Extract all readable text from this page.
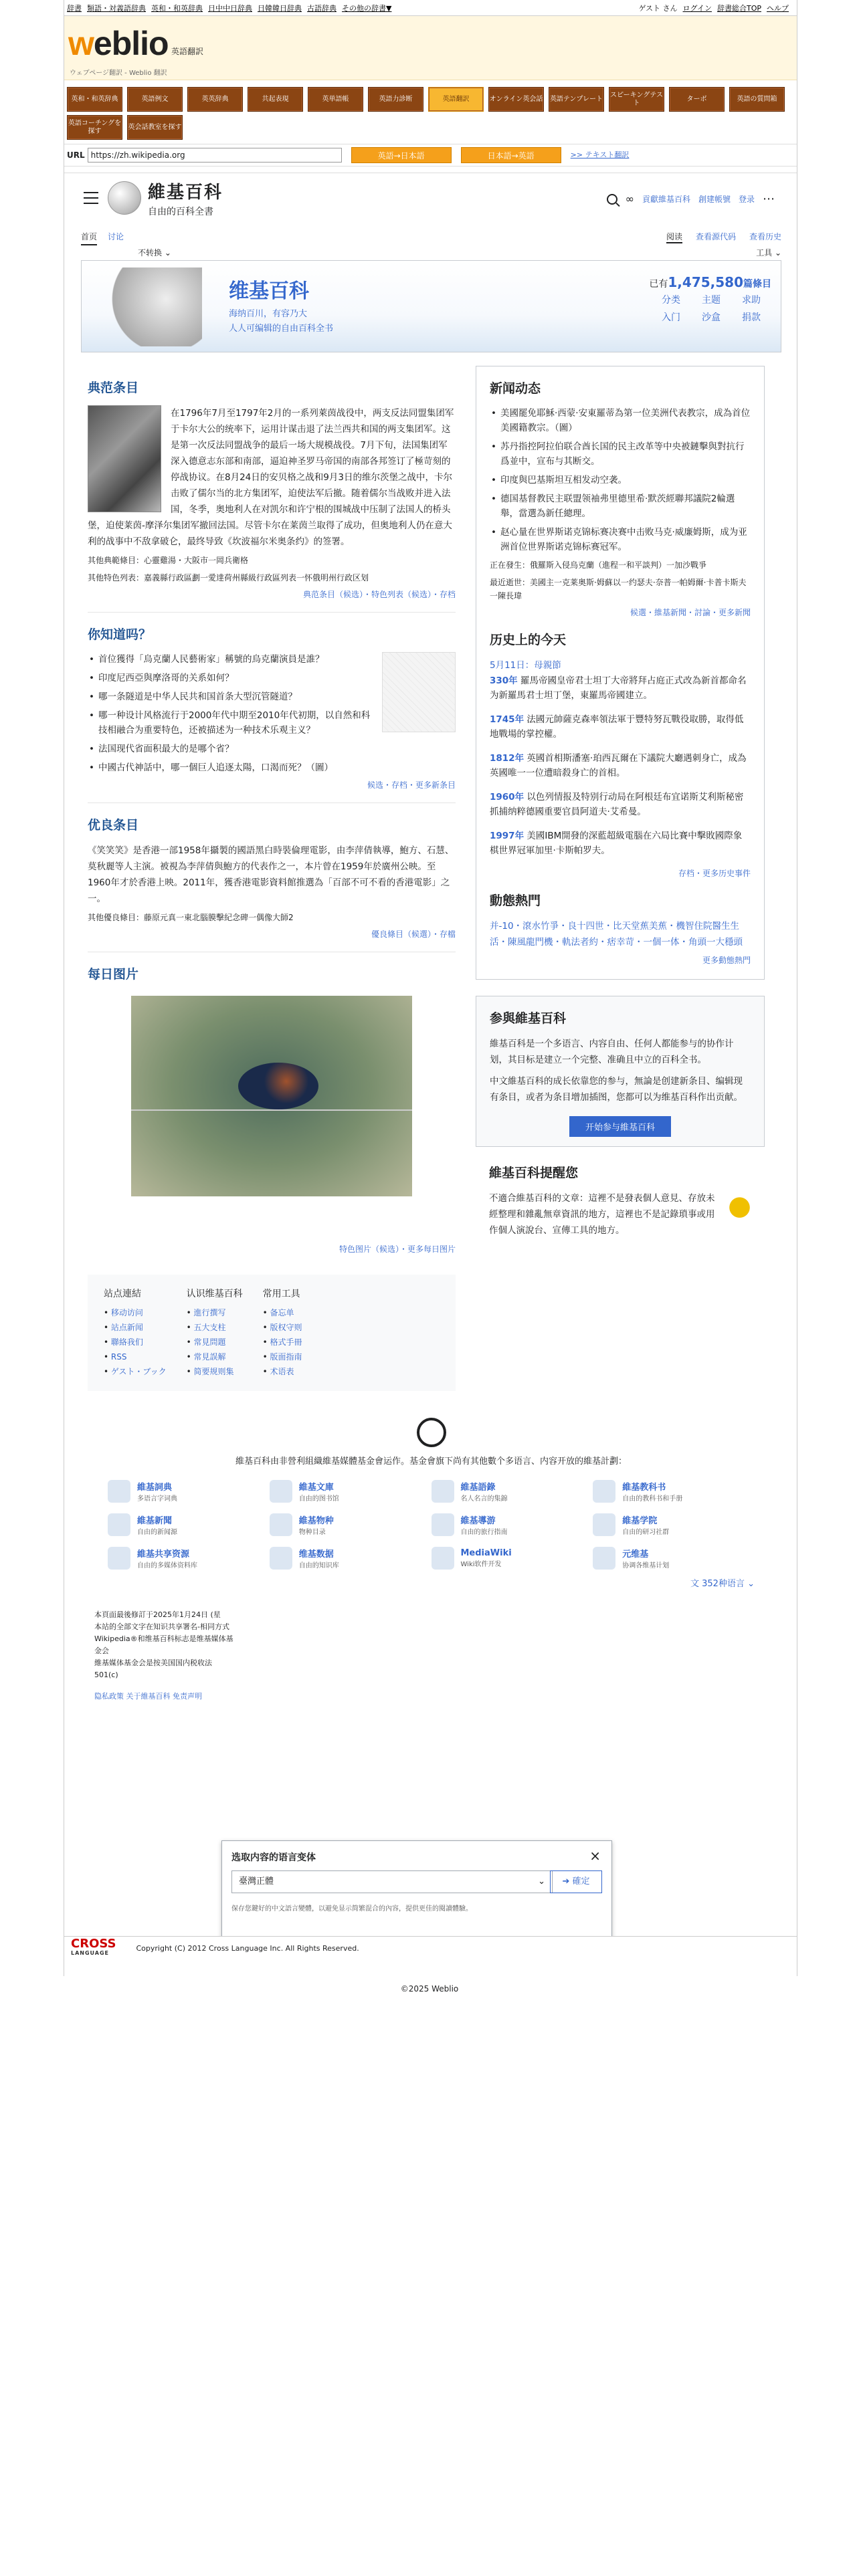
辞書 類語・対義語辞典 英和・和英辞典 日中中日辞典 日韓韓日辞典 古語辞典 その他の辞書▼	ゲスト さん ログイン 辞書総合TOP ヘルプ
weblio 英語翻訳
ウェブページ翻訳 - Weblio 翻訳
英和・和英辞典	英語例文	英英辞典	共起表現	英単語帳	英語力診断	英語翻訳	オンライン英会話 英語テンプレート
スピーキングテスト
ターボ	英語の質問箱
英語コーチングを探す
英会話教室を探す
URL https://zh.wikipedia.org	英語→日本語	日本語→英語	>> テキスト翻訳
維基百科
自由的百科全書
∞ 貢獻維基百科 創建帳號 登录 ⋯
首页 讨论
不转换 ⌄
阅读 查看源代码 查看历史
工具 ⌄
维基百科
海纳百川，有容乃大
人人可编辑的自由百科全书
已有1,475,580篇條目
分类	主题	求助
入门	沙盒	捐款
典范条目
在1796年7月至1797年2月的一系列萊茵战役中，两支反法同盟集团军于卡尔大公的统率下，运用计谋击退了法兰西共和国的两支集团军。这是第一次反法同盟战争的最后一场大规模战役。7月下旬，法国集团军深入德意志东部和南部，逼迫神圣罗马帝国的南部各邦签订了極苛刻的停战协议。在8月24日的安贝格之战和9月3日的维尔茨堡之战中，卡尔击败了儒尔当的北方集团军，迫使法军后撤。随着儒尔当战败并进入法国，冬季，奥地利人在对凯尔和许宁根的围城战中压制了法国人的桥头堡，迫使莱茵-摩泽尔集团军撤回法国。尽管卡尔在莱茵兰取得了成功，但奥地利人仍在意大利的战事中不敌拿破仑，最终导致《坎波福尔米奥条约》的签署。
其他典範條目：心靈雞湯・大阪市一岡兵衛格
其他特色列表：嘉義縣行政區劃一愛達荷州縣級行政區列表一怀俄明州行政区划
典范条目（候选）・特色列表（候选）・存档
你知道吗？
• 首位獲得「烏克蘭人民藝術家」稱號的烏克蘭演員是誰？
• 印度尼西亞與摩洛哥的关系如何？
• 哪一条隧道是中华人民共和国首条大型沉管隧道？
• 哪一种设计风格流行于2000年代中期至2010年代初期，以自然和科技相融合为重要特色，还被描述为一种技术乐观主义？
• 法国现代省面积最大的是哪个省？
• 中國古代神話中，哪一個巨人追逐太陽，口渴而死？（圖）
候选・存档・更多新条目
优良条目
《笑笑笑》是香港一部1958年攝製的國語黑白時裝倫理電影，由李萍倩執導，鮑方、石慧、莫秋麗等人主演。被視為李萍倩與鮑方的代表作之一，本片曾在1959年於廣州公映。至1960年才於香港上映。2011年，獲香港電影資料館推選為「百部不可不看的香港電影」之一。
其他優良條目：藤原元真一東北腦膜擊紀念碑一偶像大師2
優良條目（候選）・存檔
每日图片
特色图片（候选）・更多每日图片
站点連結
• 移动访问
• 站点新闻
• 聯絡我们
• RSS
• ゲスト・ブック
认识维基百科
• 進行撰写
• 五大支柱
• 常見問題
• 常見誤解
• 简要规则集
常用工具
• 备忘单
• 版权守则
• 格式手冊
• 版面指南
• 术语表
新闻动态
• 美國罷免耶穌·西蒙·安東羅蒂為第一位美洲代表教宗，成為首位美國籍教宗。（圖）
• 苏丹指控阿拉伯联合酋长国的民主改革等中央被鏈擊與對抗行爲並中，宣布与其断交。
• 印度與巴基斯坦互相发动空袭。
• 德国基督教民主联盟领袖弗里德里希·默茨經聯邦議院2輪選舉，當選為新任總理。
• 赵心量在世界斯诺克锦标赛决赛中击败马克·威廉姆斯，成为亚洲首位世界斯诺克锦标赛冠军。
正在發生：俄羅斯入侵烏克蘭（進程一和平談判）一加沙戰爭
最近逝世：美國主一克莱奥斯·姆蘇以一约瑟夫·奈普一帕姆爾·卡普卡斯夫一陳長瑋
候選・維基新聞・討論・更多新聞
历史上的今天
5月11日：母親節
330年 羅馬帝國皇帝君士坦丁大帝將拜占庭正式改為新首都命名为新羅馬君士坦丁堡，東羅馬帝國建立。
1745年 法國元帥薩克森率領法軍于豐特努瓦戰役取勝，取得低地戰場的掌控權。
1812年 英國首相斯潘塞·珀西瓦爾在下議院大廳遇刺身亡，成為英國唯一一位遭暗殺身亡的首相。
1960年 以色列情报及特别行动局在阿根廷布宜诺斯艾利斯秘密抓捕纳粹德國重要官員阿道夫·艾希曼。
1997年 美國IBM開發的深藍超級電腦在六局比賽中擊敗國際象棋世界冠軍加里·卡斯帕罗夫。
存档・更多历史事件
動態熱門
并-10・滾水竹爭・良十四世・比天堂蕉美蕉・機智住院醫生生活・陳風龍門機・軌法者約・痞幸苛・一個一体・角頭一大穩頭
更多動態熱門
参與維基百科
維基百科是一个多语言、内容自由、任何人都能参与的协作计划，其目标是建立一个完整、准确且中立的百科全书。
中文維基百科的成长依靠您的参与，無論是创建新条目、编辑现有条目，或者为条目增加插图，您都可以为维基百科作出贡献。
开始参与維基百科
維基百科提醒您
不適合維基百科的文章：這裡不是發表個人意見、存放未經整理和雜亂無章資訊的地方，這裡也不是記錄瑣事或用作個人演說台、宣傳工具的地方。
●
維基百科由非營利組織維基媒體基金會运作。基金會旗下尚有其他數个多语言、内容开放的維基計劃：
維基詞典
多语言字词典
維基文庫
自由的图书馆
維基語錄
名人名言的集錦
維基教科书
自由的教科书和手册
維基新聞
自由的新闻源
維基物种
物种目录
維基導游
自由的旅行指南
維基学院
自由的研习社群
維基共享资源
自由的多媒体资料库
维基数据
自由的知识库
MediaWiki
Wiki软件开发
元维基
协调各维基计划
文 352种语言 ⌄
本頁面最後修訂于2025年1月24日 (星
本站的全部文字在知识共享署名-相同方式
Wikipedia®和维基百科标志是维基媒体基金会
維基媒体基金会是按美国国内税收法501(c)
隐私政策 关于維基百科 免责声明
选取内容的语言变体	×
臺灣正體	⌄	➔ 確定
保存您鍵好的中文語言變體，以避免显示简繁混合的內容，提供更佳的閱讀體驗。
CROSS
LANGUAGE	Copyright (C) 2012 Cross Language Inc. All Rights Reserved.
©2025 Weblio
